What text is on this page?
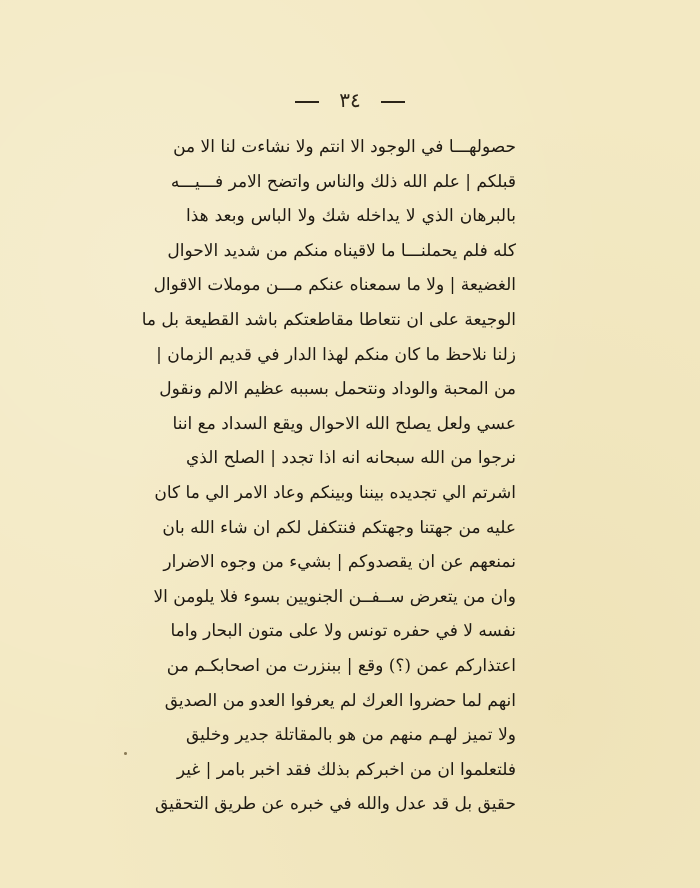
٣٤
حصولهـــا في الوجود الا انتم ولا نشاءت لنا الا من
قبلكم | علم الله ذلك والناس واتضح الامر فـــيـــه
بالبرهان الذي لا يداخله شك ولا الباس وبعد هذا
كله فلم يحملنـــا ما لاقيناه منكم من شديد الاحوال
الغضيعة | ولا ما سمعناه عنكم مـــن موملات الاقوال
الوجيعة على ان نتعاطا مقاطعتكم باشد القطيعة بل ما
زلنا نلاحظ ما كان منكم لهذا الدار في قديم الزمان |
من المحبة والوداد ونتحمل بسببه عظيم الالم ونقول
عسي ولعل يصلح الله الاحوال ويقع السداد مع اننا
نرجوا من الله سبحانه انه اذا تجدد | الصلح الذي
اشرتم الي تجديده بيننا وبينكم وعاد الامر الي ما كان
عليه من جهتنا وجهتكم فنتكفل لكم ان شاء الله بان
نمنعهم عن ان يقصدوكم | بشيء من وجوه الاضرار
وان من يتعرض ســفــن الجنويين بسوء فلا يلومن الا
نفسه لا في حفره تونس ولا على متون البحار واما
اعتذاركم عمن (؟) وقع | ببنزرت من اصحابكـم من
انهم لما حضروا العرك لم يعرفوا العدو من الصديق
ولا تميز لهـم منهم من هو بالمقاتلة جدير وخليق
فلتعلموا ان من اخبركم بذلك فقد اخبر بامر | غير
حقيق بل قد عدل والله في خبره عن طريق التحقيق
